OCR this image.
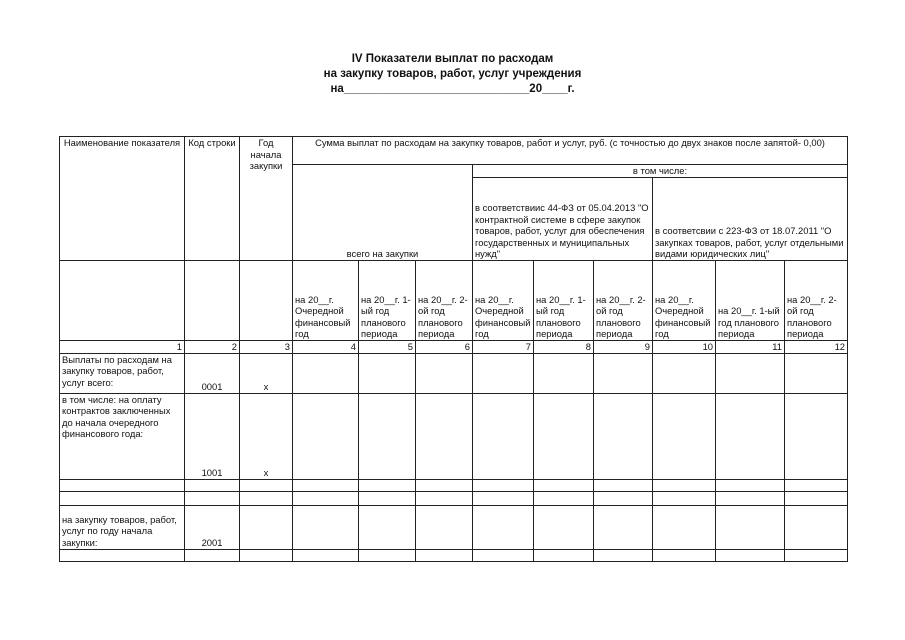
IV Показатели выплат по расходам
на закупку товаров, работ, услуг учреждения
на_____________________________20____г.
Наименование показателя	Код строки	Год начала закупки	Сумма выплат по расходам на закупку товаров, работ и услуг, руб. (с точностью до двух знаков после запятой- 0,00)								
			всего на закупки			в том числе:					
						в соответствиис 44-ФЗ от 05.04.2013 "О контрактной системе в сфере закупок товаров, работ, услуг для обеспечения государственных и муниципальных нужд"			в соответсвии с 223-ФЗ от 18.07.2011 "О закупках товаров, работ, услуг отдельными видами юридических лиц"		
			на 20__г. Очередной финансовый год	на 20__г. 1-ый год планового периода	на 20__г. 2-ой год планового периода	на 20__г. Очередной финансовый год	на 20__г. 1-ый год планового периода	на 20__г. 2-ой год планового периода	на 20__г. Очередной финансовый год	на 20__г. 1-ый год планового периода	на 20__г. 2-ой год планового периода
1	2	3	4	5	6	7	8	9	10	11	12
Выплаты по расходам на закупку товаров, работ, услуг всего:	0001	x									
в том числе: на оплату контрактов заключенных до начала очередного финансового года:	1001	x									

на закупку товаров, работ, услуг по году начала закупки:	2001										
